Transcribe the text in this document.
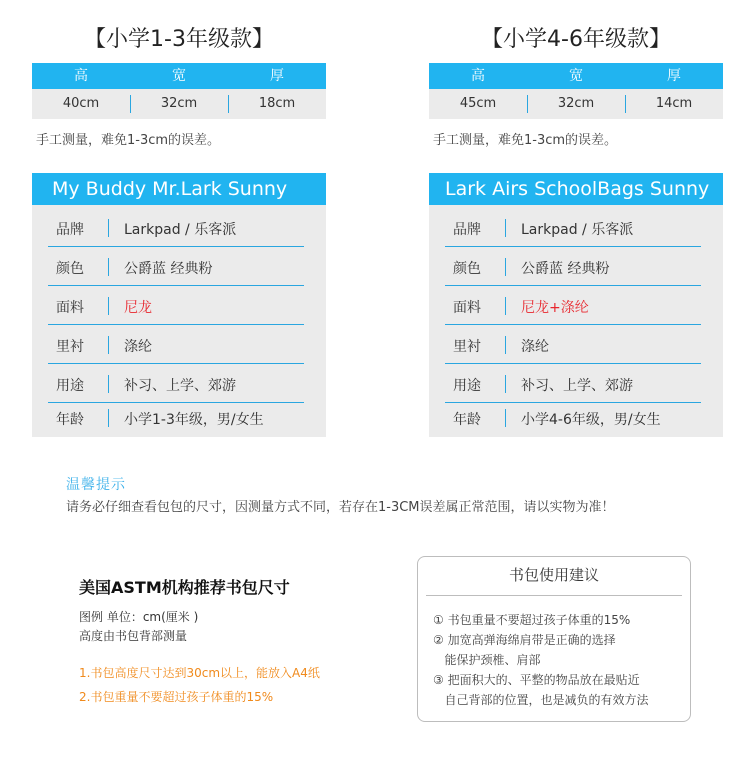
【小学1-3年级款】
高	宽	厚
40cm	32cm	18cm
手工测量，难免1-3cm的误差。
My Buddy Mr.Lark Sunny
品牌	Larkpad / 乐客派
颜色	公爵蓝 经典粉
面料	尼龙
里衬	涤纶
用途	补习、上学、郊游
年龄	小学1-3年级，男/女生
【小学4-6年级款】
高	宽	厚
45cm	32cm	14cm
手工测量，难免1-3cm的误差。
Lark Airs SchoolBags Sunny
品牌	Larkpad / 乐客派
颜色	公爵蓝 经典粉
面料	尼龙+涤纶
里衬	涤纶
用途	补习、上学、郊游
年龄	小学4-6年级，男/女生
温馨提示
请务必仔细查看包包的尺寸，因测量方式不同，若存在1-3CM误差属正常范围，请以实物为准！
美国ASTM机构推荐书包尺寸
图例 单位：cm(厘米 )
高度由书包背部测量
1.书包高度尺寸达到30cm以上，能放入A4纸
2.书包重量不要超过孩子体重的15%
书包使用建议
① 书包重量不要超过孩子体重的15%
② 加宽高弹海绵肩带是正确的选择
能保护颈椎、肩部
③ 把面积大的、平整的物品放在最贴近
自己背部的位置，也是减负的有效方法
